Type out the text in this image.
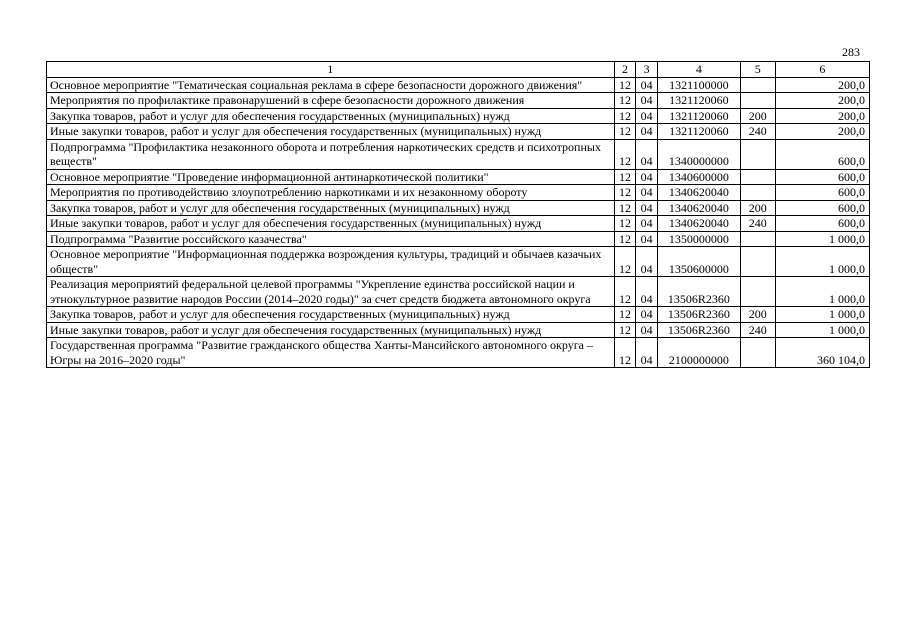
283
1	2	3	4	5	6
Основное мероприятие "Тематическая социальная реклама в сфере безопасности дорожного движения"	12	04	1321100000		200,0
Мероприятия по профилактике правонарушений в сфере безопасности дорожного движения	12	04	1321120060		200,0
Закупка товаров, работ и услуг для обеспечения государственных (муниципальных) нужд	12	04	1321120060	200	200,0
Иные закупки товаров, работ и услуг для обеспечения государственных (муниципальных) нужд	12	04	1321120060	240	200,0
Подпрограмма "Профилактика незаконного оборота и потребления наркотических средств и психотропных веществ"	12	04	1340000000		600,0
Основное мероприятие "Проведение информационной антинаркотической политики"	12	04	1340600000		600,0
Мероприятия по противодействию злоупотреблению наркотиками и их незаконному обороту	12	04	1340620040		600,0
Закупка товаров, работ и услуг для обеспечения государственных (муниципальных) нужд	12	04	1340620040	200	600,0
Иные закупки товаров, работ и услуг для обеспечения государственных (муниципальных) нужд	12	04	1340620040	240	600,0
Подпрограмма "Развитие российского казачества"	12	04	1350000000		1 000,0
Основное мероприятие "Информационная поддержка возрождения культуры, традиций и обычаев казачьих обществ"	12	04	1350600000		1 000,0
Реализация мероприятий федеральной целевой программы "Укрепление единства российской нации и этнокультурное развитие народов России (2014–2020 годы)" за счет средств бюджета автономного округа	12	04	13506R2360		1 000,0
Закупка товаров, работ и услуг для обеспечения государственных (муниципальных) нужд	12	04	13506R2360	200	1 000,0
Иные закупки товаров, работ и услуг для обеспечения государственных (муниципальных) нужд	12	04	13506R2360	240	1 000,0
Государственная программа "Развитие гражданского общества Ханты-Мансийского автономного округа – Югры на 2016–2020 годы"	12	04	2100000000		360 104,0
